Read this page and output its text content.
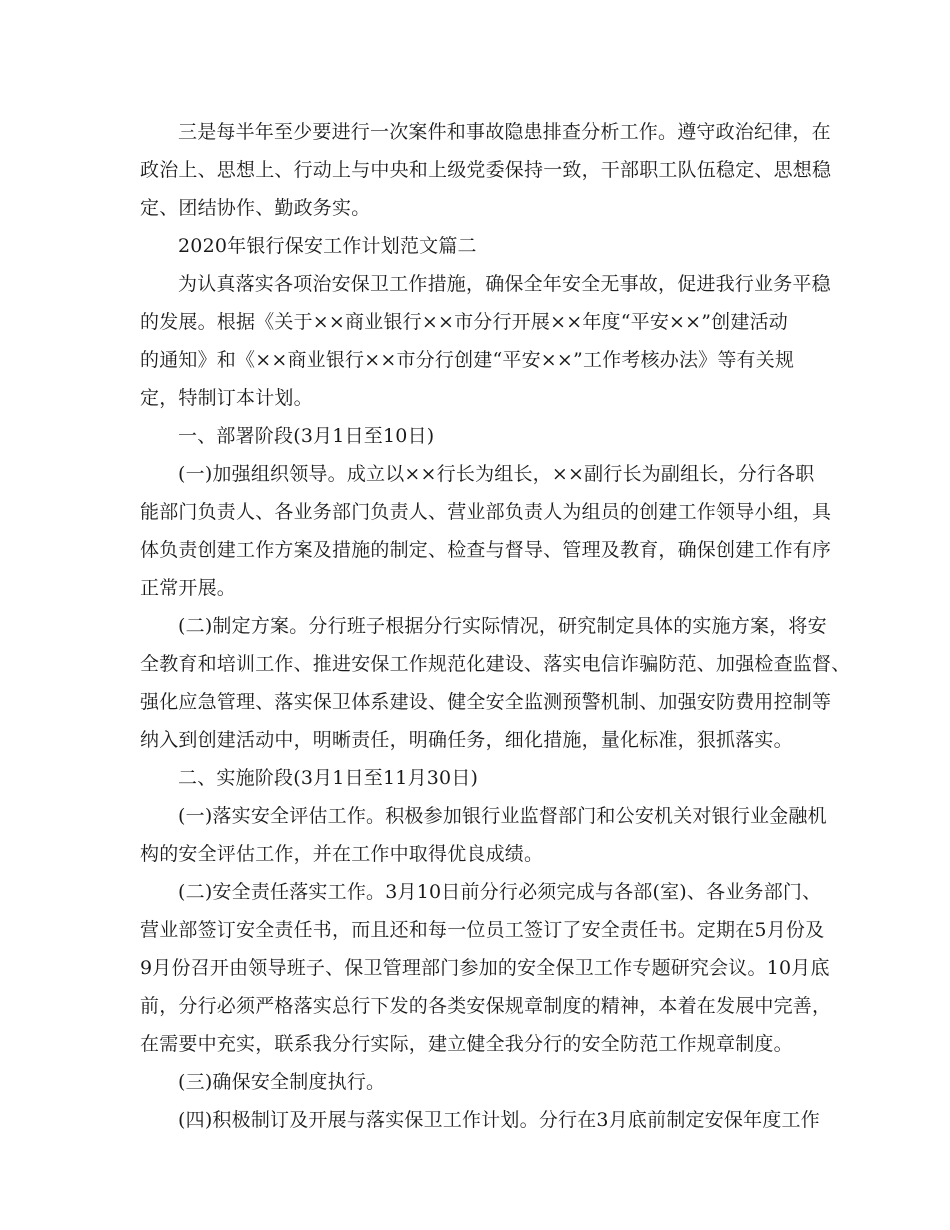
三是每半年至少要进行一次案件和事故隐患排查分析工作。遵守政治纪律，在

政治上、思想上、行动上与中央和上级党委保持一致，干部职工队伍稳定、思想稳

定、团结协作、勤政务实。

2020年银行保安工作计划范文篇二

为认真落实各项治安保卫工作措施，确保全年安全无事故，促进我行业务平稳

的发展。根据《关于××商业银行××市分行开展××年度“平安××”创建活动

的通知》和《××商业银行××市分行创建“平安××”工作考核办法》等有关规

定，特制订本计划。

一、部署阶段(3月1日至10日)

(一)加强组织领导。成立以××行长为组长，××副行长为副组长，分行各职

能部门负责人、各业务部门负责人、营业部负责人为组员的创建工作领导小组，具

体负责创建工作方案及措施的制定、检查与督导、管理及教育，确保创建工作有序

正常开展。

(二)制定方案。分行班子根据分行实际情况，研究制定具体的实施方案，将安

全教育和培训工作、推进安保工作规范化建设、落实电信诈骗防范、加强检查监督、

强化应急管理、落实保卫体系建设、健全安全监测预警机制、加强安防费用控制等

纳入到创建活动中，明晰责任，明确任务，细化措施，量化标准，狠抓落实。

二、实施阶段(3月1日至11月30日)

(一)落实安全评估工作。积极参加银行业监督部门和公安机关对银行业金融机

构的安全评估工作，并在工作中取得优良成绩。

(二)安全责任落实工作。3月10日前分行必须完成与各部(室)、各业务部门、

营业部签订安全责任书，而且还和每一位员工签订了安全责任书。定期在5月份及

9月份召开由领导班子、保卫管理部门参加的安全保卫工作专题研究会议。10月底

前，分行必须严格落实总行下发的各类安保规章制度的精神，本着在发展中完善，

在需要中充实，联系我分行实际，建立健全我分行的安全防范工作规章制度。

(三)确保安全制度执行。

(四)积极制订及开展与落实保卫工作计划。分行在3月底前制定安保年度工作
